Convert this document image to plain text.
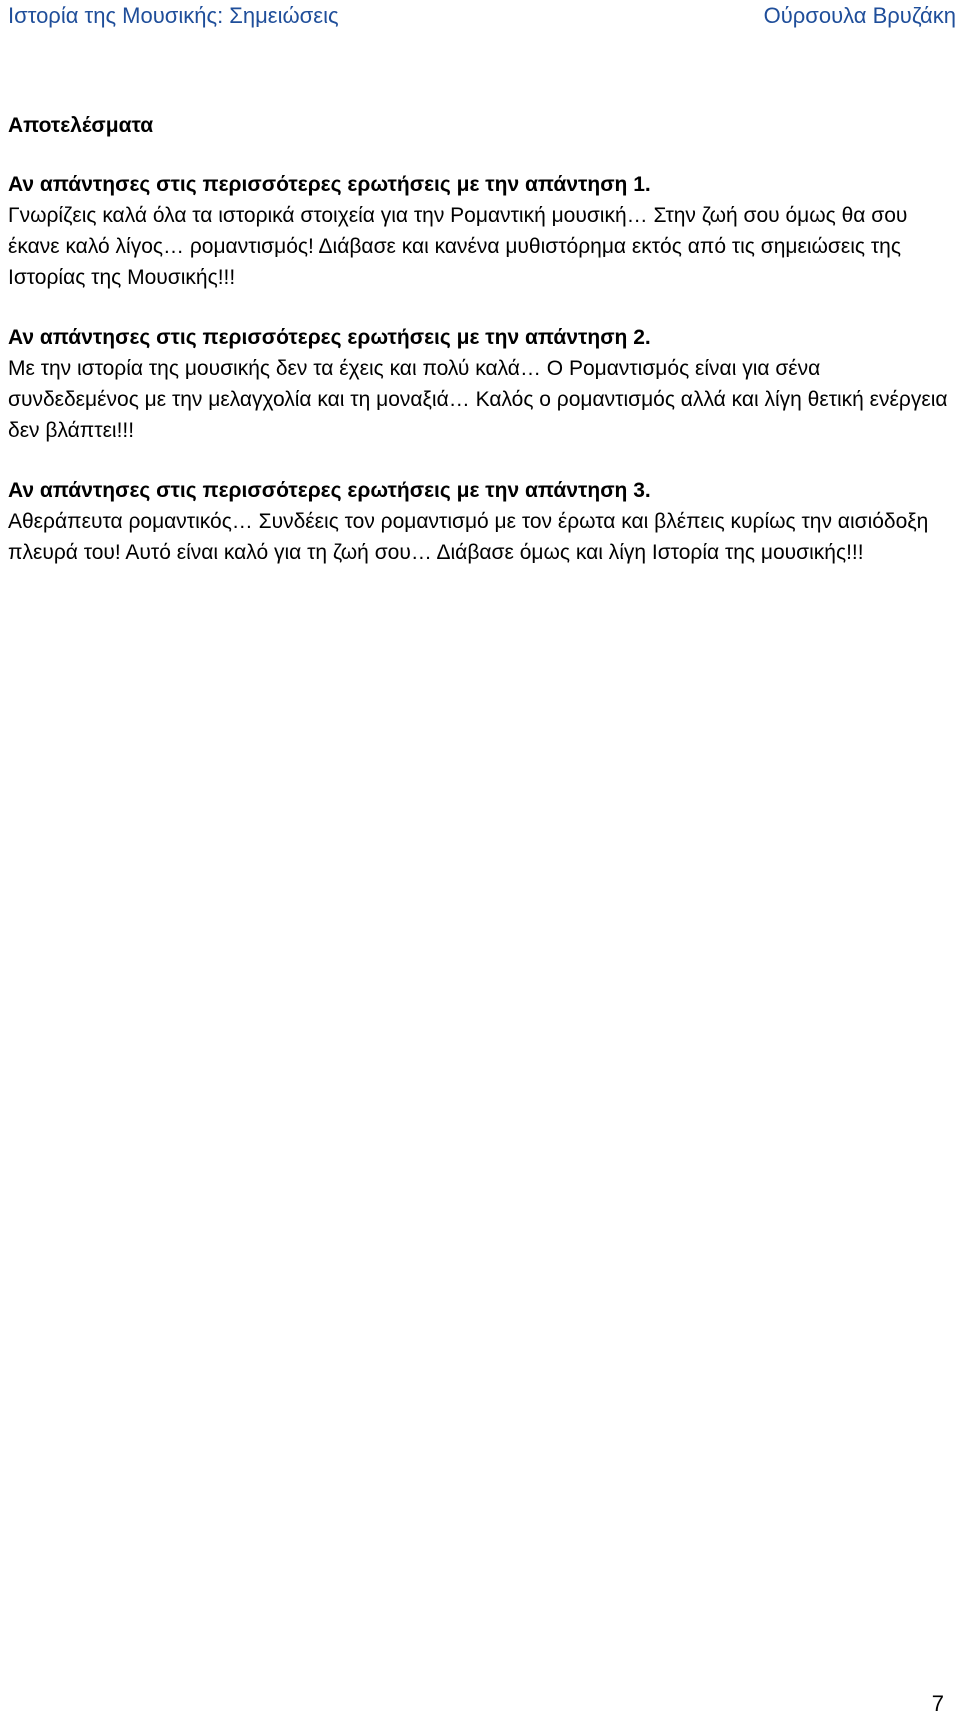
Ιστορία της Μουσικής: Σημειώσεις	Ούρσουλα Βρυζάκη
Αποτελέσματα
Αν απάντησες στις περισσότερες ερωτήσεις με την απάντηση 1.
Γνωρίζεις καλά όλα τα ιστορικά στοιχεία για την Ρομαντική μουσική… Στην ζωή σου όμως θα σου έκανε καλό λίγος… ρομαντισμός! Διάβασε και κανένα μυθιστόρημα εκτός από τις σημειώσεις της Ιστορίας της Μουσικής!!!
Αν απάντησες στις περισσότερες ερωτήσεις με την απάντηση 2.
Με την ιστορία της μουσικής δεν τα έχεις και πολύ καλά… Ο Ρομαντισμός είναι για σένα συνδεδεμένος με την μελαγχολία και τη μοναξιά… Καλός ο ρομαντισμός αλλά και λίγη θετική ενέργεια δεν βλάπτει!!!
Αν απάντησες στις περισσότερες ερωτήσεις με την απάντηση 3.
Αθεράπευτα ρομαντικός… Συνδέεις τον ρομαντισμό με τον έρωτα και βλέπεις κυρίως την αισιόδοξη πλευρά του! Αυτό είναι καλό για τη ζωή σου… Διάβασε όμως και λίγη Ιστορία της μουσικής!!!
7
